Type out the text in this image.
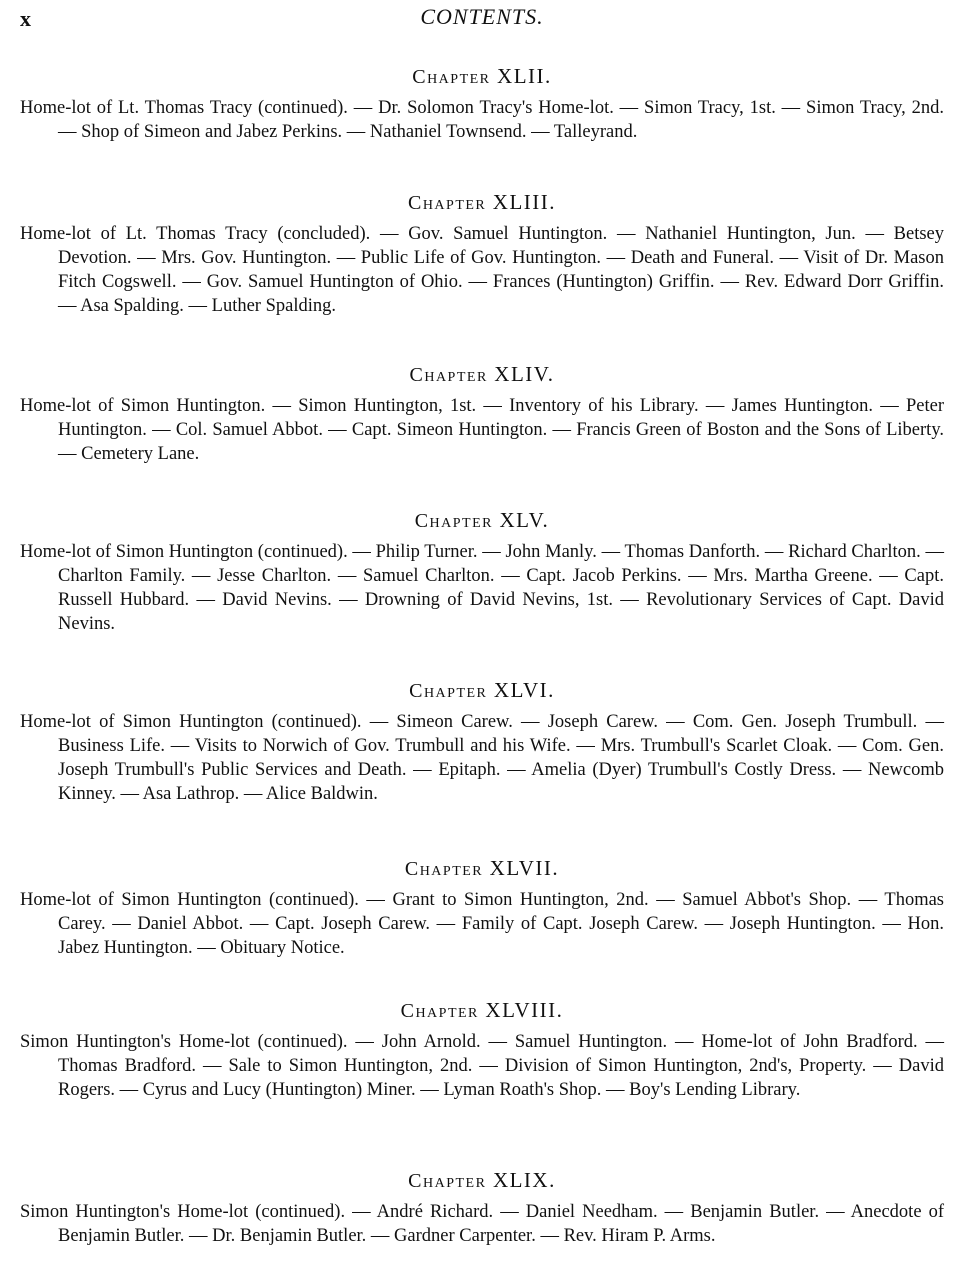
x	CONTENTS.
Chapter XLII.

Home-lot of Lt. Thomas Tracy (continued). — Dr. Solomon Tracy's Home-lot. — Simon Tracy, 1st. — Simon Tracy, 2nd. — Shop of Simeon and Jabez Perkins. — Nathaniel Townsend. — Talleyrand.

Chapter XLIII.

Home-lot of Lt. Thomas Tracy (concluded). — Gov. Samuel Huntington. — Nathaniel Huntington, Jun. — Betsey Devotion. — Mrs. Gov. Huntington. — Public Life of Gov. Huntington. — Death and Funeral. — Visit of Dr. Mason Fitch Cogswell. — Gov. Samuel Huntington of Ohio. — Frances (Huntington) Griffin. — Rev. Edward Dorr Griffin. — Asa Spalding. — Luther Spalding.

Chapter XLIV.

Home-lot of Simon Huntington. — Simon Huntington, 1st. — Inventory of his Library. — James Huntington. — Peter Huntington. — Col. Samuel Abbot. — Capt. Simeon Huntington. — Francis Green of Boston and the Sons of Liberty. — Cemetery Lane.

Chapter XLV.

Home-lot of Simon Huntington (continued). — Philip Turner. — John Manly. — Thomas Danforth. — Richard Charlton. — Charlton Family. — Jesse Charlton. — Samuel Charlton. — Capt. Jacob Perkins. — Mrs. Martha Greene. — Capt. Russell Hubbard. — David Nevins. — Drowning of David Nevins, 1st. — Revolutionary Services of Capt. David Nevins.

Chapter XLVI.

Home-lot of Simon Huntington (continued). — Simeon Carew. — Joseph Carew. — Com. Gen. Joseph Trumbull. — Business Life. — Visits to Norwich of Gov. Trumbull and his Wife. — Mrs. Trumbull's Scarlet Cloak. — Com. Gen. Joseph Trumbull's Public Services and Death. — Epitaph. — Amelia (Dyer) Trumbull's Costly Dress. — Newcomb Kinney. — Asa Lathrop. — Alice Baldwin.

Chapter XLVII.

Home-lot of Simon Huntington (continued). — Grant to Simon Huntington, 2nd. — Samuel Abbot's Shop. — Thomas Carey. — Daniel Abbot. — Capt. Joseph Carew. — Family of Capt. Joseph Carew. — Joseph Huntington. — Hon. Jabez Huntington. — Obituary Notice.

Chapter XLVIII.

Simon Huntington's Home-lot (continued). — John Arnold. — Samuel Huntington. — Home-lot of John Bradford. — Thomas Bradford. — Sale to Simon Huntington, 2nd. — Division of Simon Huntington, 2nd's, Property. — David Rogers. — Cyrus and Lucy (Huntington) Miner. — Lyman Roath's Shop. — Boy's Lending Library.

Chapter XLIX.

Simon Huntington's Home-lot (continued). — André Richard. — Daniel Needham. — Benjamin Butler. — Anecdote of Benjamin Butler. — Dr. Benjamin Butler. — Gardner Carpenter. — Rev. Hiram P. Arms.
